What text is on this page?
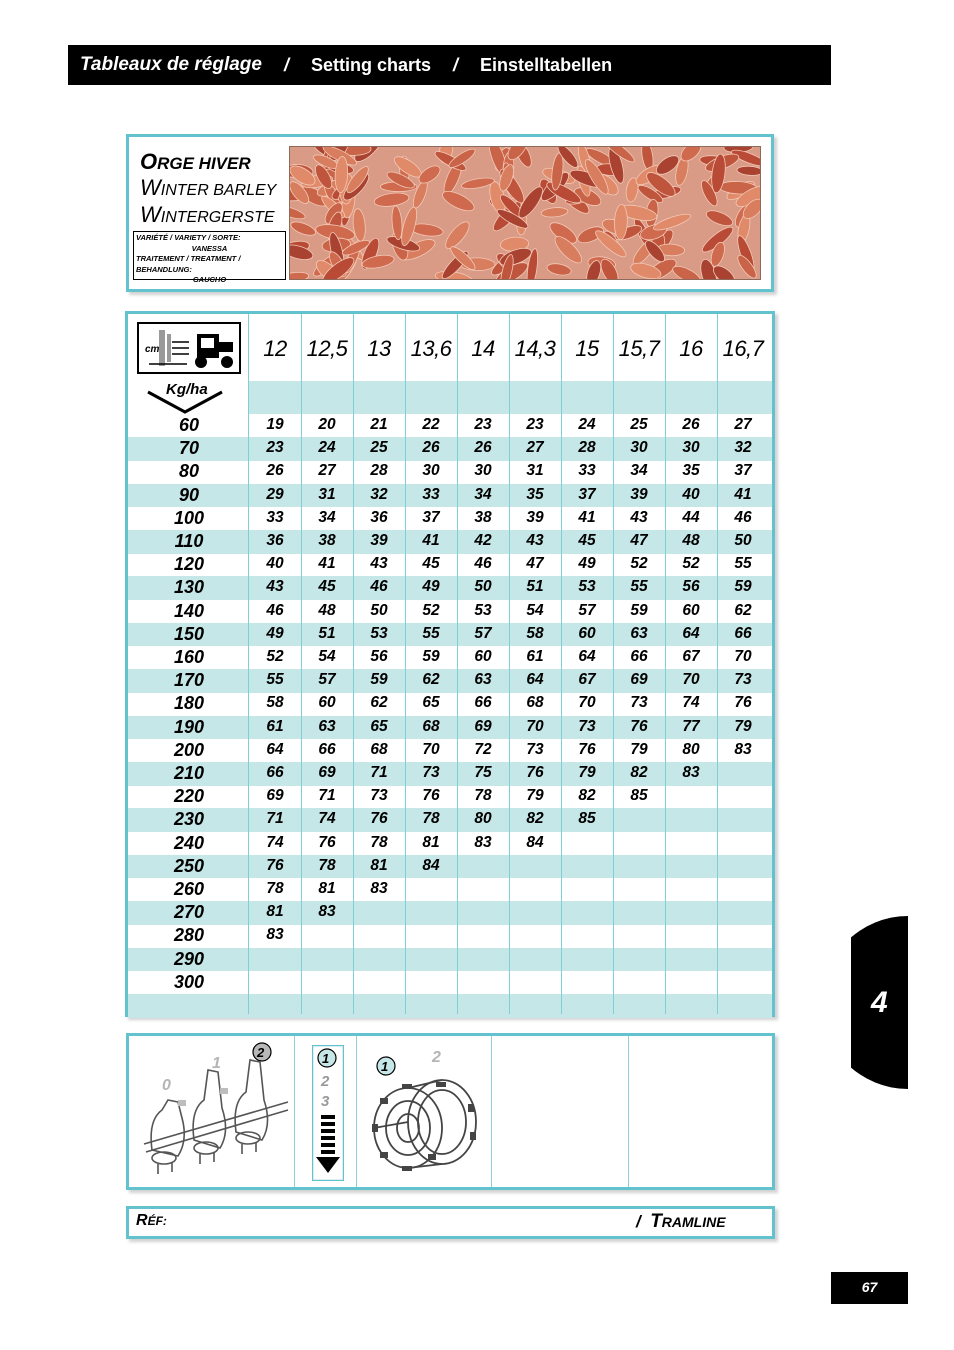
Tableaux de réglage / Setting charts / Einstelltabellen
ORGE HIVER
WINTER BARLEY
WINTERGERSTE
VARIÉTÉ / VARIETY / SORTE:
VANESSA
TRAITEMENT / TREATMENT / BEHANDLUNG:
GAUCHO
cm
Kg/ha
12 12,5 13 13,6 14 14,3 15 15,7 16 16,7
60	19	20	21	22	23	23	24	25	26	27
70	23	24	25	26	26	27	28	30	30	32
80	26	27	28	30	30	31	33	34	35	37
90	29	31	32	33	34	35	37	39	40	41
100	33	34	36	37	38	39	41	43	44	46
110	36	38	39	41	42	43	45	47	48	50
120	40	41	43	45	46	47	49	52	52	55
130	43	45	46	49	50	51	53	55	56	59
140	46	48	50	52	53	54	57	59	60	62
150	49	51	53	55	57	58	60	63	64	66
160	52	54	56	59	60	61	64	66	67	70
170	55	57	59	62	63	64	67	69	70	73
180	58	60	62	65	66	68	70	73	74	76
190	61	63	65	68	69	70	73	76	77	79
200	64	66	68	70	72	73	76	79	80	83
210	66	69	71	73	75	76	79	82	83
220	69	71	73	76	78	79	82	85
230	71	74	76	78	80	82	85
240	74	76	78	81	83	84
250	76	78	81	84
260	78	81	83
270	81	83
280	83
290
300
0
1
2	1
2
3
1
2
RÉF:	/ TRAMLINE
4
67
